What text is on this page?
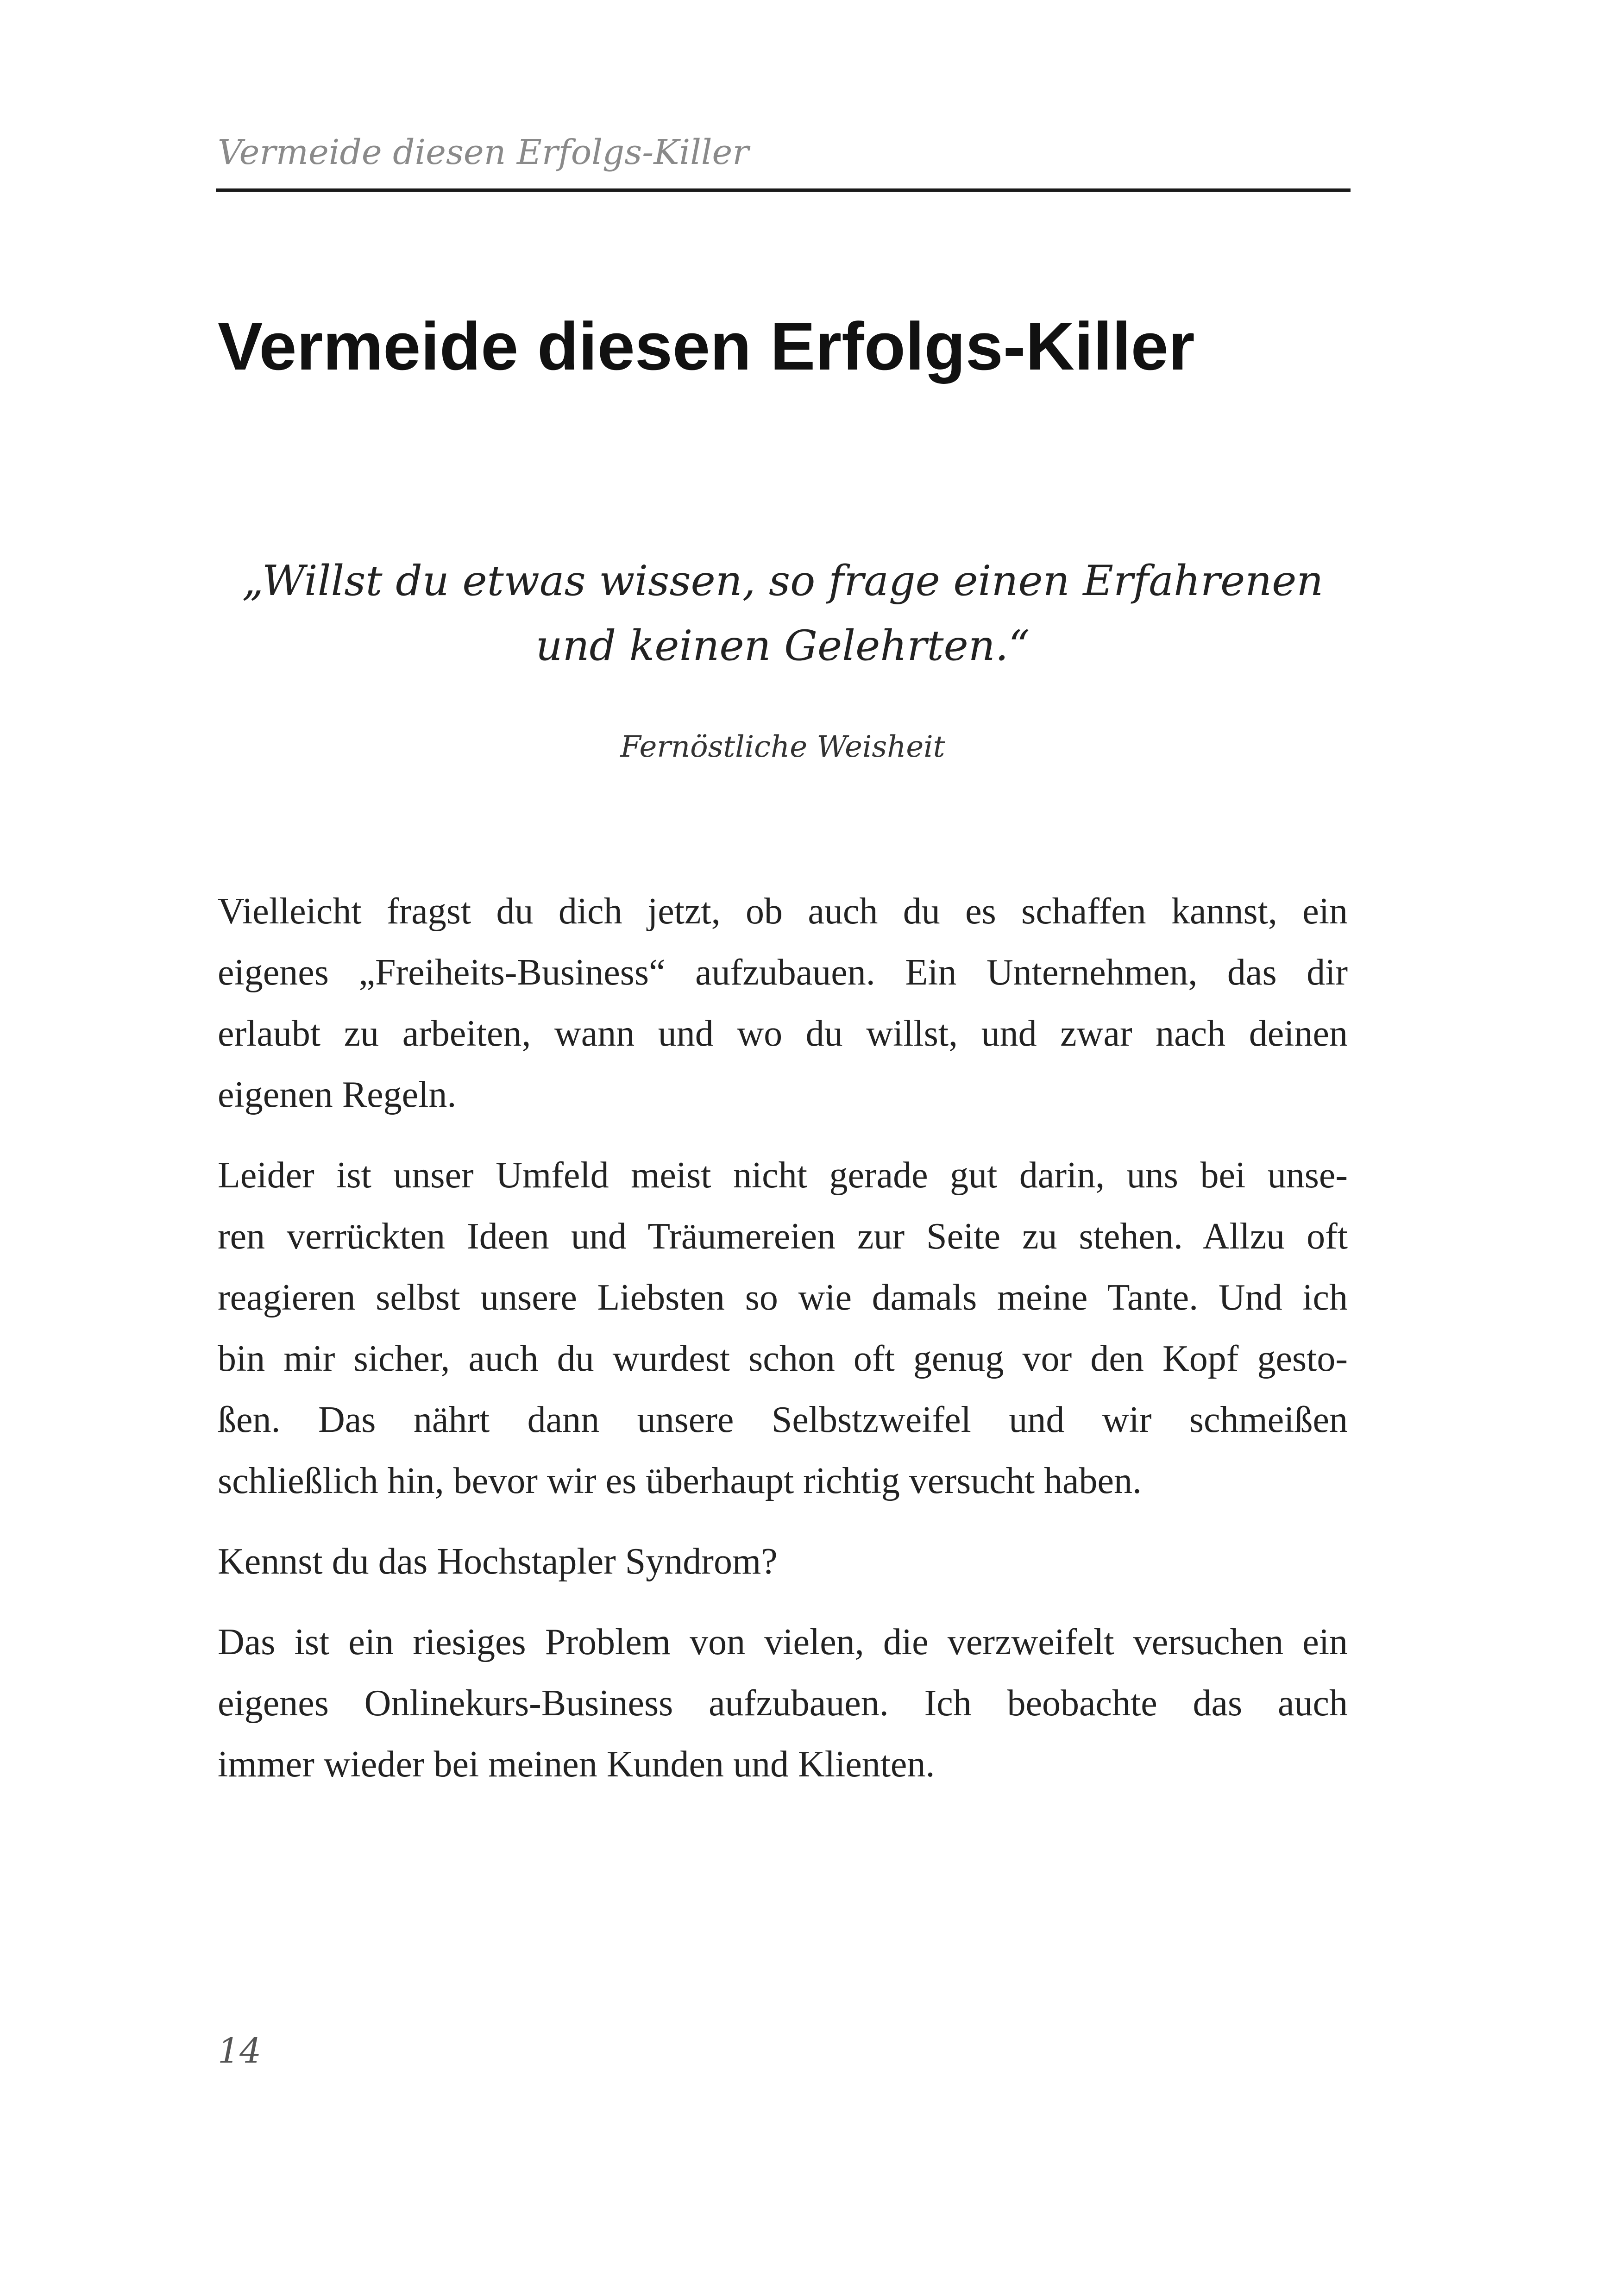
Vermeide diesen Erfolgs-Killer
Vermeide diesen Erfolgs-Killer
„Willst du etwas wissen, so frage einen Erfahrenen
und keinen Gelehrten.“
Fernöstliche Weisheit

Vielleicht fragst du dich jetzt, ob auch du es schaffen kannst, ein
eigenes „Freiheits-Business“ aufzubauen. Ein Unternehmen, das dir
erlaubt zu arbeiten, wann und wo du willst, und zwar nach deinen
eigenen Regeln.

Leider ist unser Umfeld meist nicht gerade gut darin, uns bei unse-
ren verrückten Ideen und Träumereien zur Seite zu stehen. Allzu oft
reagieren selbst unsere Liebsten so wie damals meine Tante. Und ich
bin mir sicher, auch du wurdest schon oft genug vor den Kopf gesto-
ßen. Das nährt dann unsere Selbstzweifel und wir schmeißen
schließlich hin, bevor wir es überhaupt richtig versucht haben.

Kennst du das Hochstapler Syndrom?

Das ist ein riesiges Problem von vielen, die verzweifelt versuchen ein
eigenes Onlinekurs-Business aufzubauen. Ich beobachte das auch
immer wieder bei meinen Kunden und Klienten.

14
